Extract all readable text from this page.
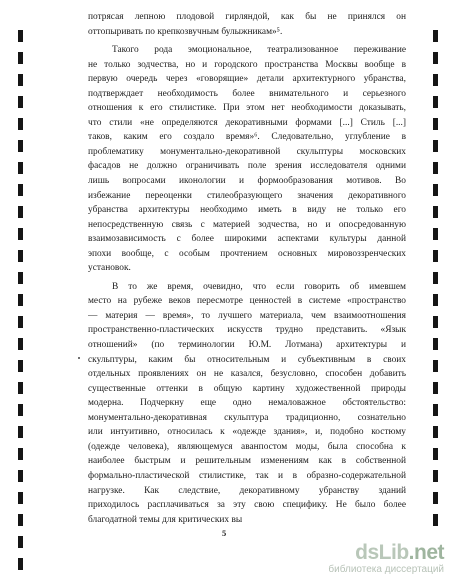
потрясая лепною плодовой гирляндой, как бы не принялся он
оттопыривать по крепкозвучным булыжникам»⁵.

Такого рода эмоциональное, театрализованное переживание
не только зодчества, но и городского пространства Москвы вообще в
первую очередь через «говорящие» детали архитектурного убранства,
подтверждает необходимость более внимательного и серьезного
отношения к его стилистике. При этом нет необходимости доказывать,
что стили «не определяются декоративными формами [...] Стиль [...]
таков, каким его создало время»⁶. Следовательно, углубление в
проблематику монументально-декоративной скульптуры московских
фасадов не должно ограничивать поле зрения исследователя одними
лишь вопросами иконологии и формообразования мотивов. Во
избежание переоценки стилеобразующего значения декоративного
убранства архитектуры необходимо иметь в виду не только его
непосредственную связь с материей зодчества, но и опосредованную
взаимозависимость с более широкими аспектами культуры данной
эпохи вообще, с особым прочтением основных мировоззренческих
установок.

В то же время, очевидно, что если говорить об имевшем
место на рубеже веков пересмотре ценностей в системе «пространство
— материя — время», то лучшего материала, чем взаимоотношения
пространственно-пластических искусств трудно представить. «Язык
отношений» (по терминологии Ю.М. Лотмана) архитектуры и
скульптуры, каким бы относительным и субъективным в своих
отдельных проявлениях он не казался, безусловно, способен добавить
существенные оттенки в общую картину художественной природы
модерна. Подчеркну еще одно немаловажное обстоятельство:
монументально-декоративная скульптура традиционно, сознательно
или интуитивно, относилась к «одежде здания», и, подобно костюму
(одежде человека), являющемуся аванпостом моды, была способна к
наиболее быстрым и решительным изменениям как в собственной
формально-пластической стилистике, так и в образно-содержательной
нагрузке. Как следствие, декоративному убранству зданий
приходилось расплачиваться за эту свою специфику. Не было более
благодатной темы для критических вы

5
dsLib.net
библиотека диссертаций
